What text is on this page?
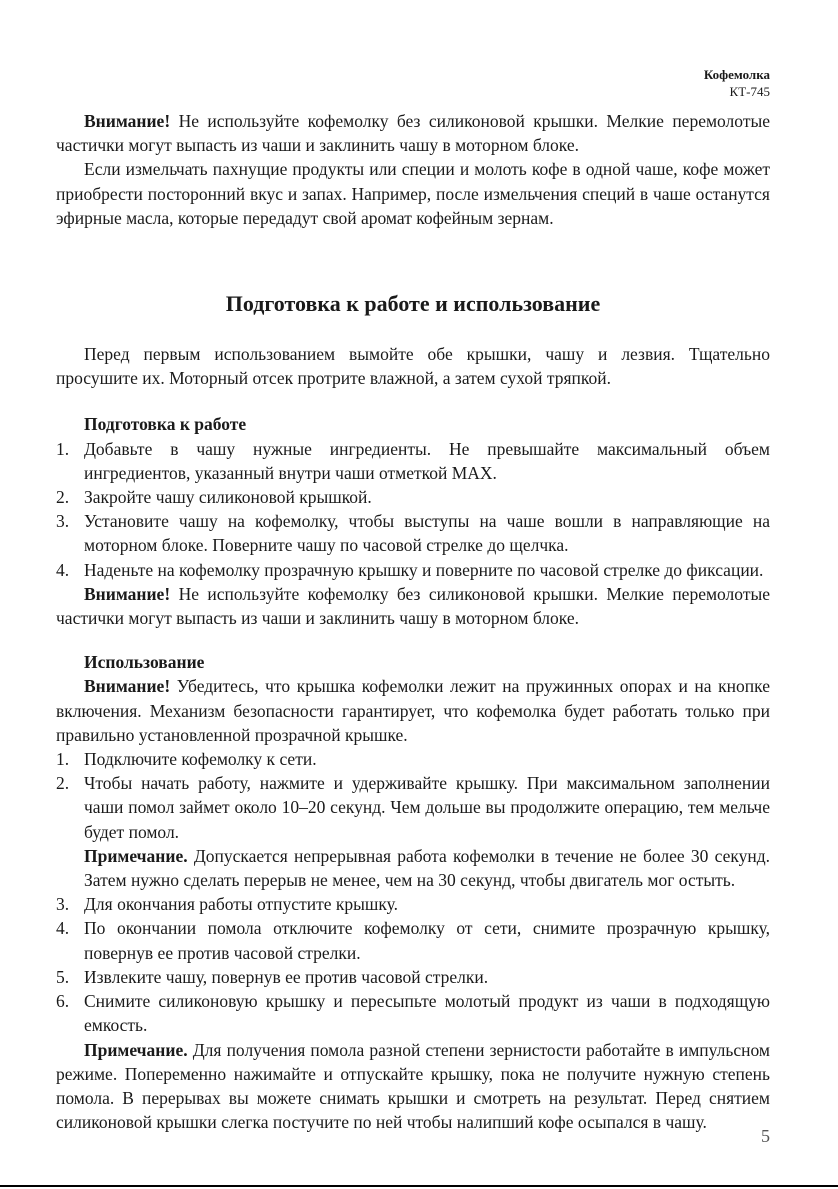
Кофемолка
КТ-745

Внимание! Не используйте кофемолку без силиконовой крышки. Мелкие перемолотые частички могут выпасть из чаши и заклинить чашу в моторном блоке.

Если измельчать пахнущие продукты или специи и молоть кофе в одной чаше, кофе может приобрести посторонний вкус и запах. Например, после измельчения специй в чаше останутся эфирные масла, которые передадут свой аромат кофейным зернам.

Подготовка к работе и использование

Перед первым использованием вымойте обе крышки, чашу и лезвия. Тщательно просушите их. Моторный отсек протрите влажной, а затем сухой тряпкой.

Подготовка к работе
1. Добавьте в чашу нужные ингредиенты. Не превышайте максимальный объем ингредиентов, указанный внутри чаши отметкой MAX.
2. Закройте чашу силиконовой крышкой.
3. Установите чашу на кофемолку, чтобы выступы на чаше вошли в направляющие на моторном блоке. Поверните чашу по часовой стрелке до щелчка.
4. Наденьте на кофемолку прозрачную крышку и поверните по часовой стрелке до фиксации.

Внимание! Не используйте кофемолку без силиконовой крышки. Мелкие перемолотые частички могут выпасть из чаши и заклинить чашу в моторном блоке.

Использование

Внимание! Убедитесь, что крышка кофемолки лежит на пружинных опорах и на кнопке включения. Механизм безопасности гарантирует, что кофемолка будет работать только при правильно установленной прозрачной крышке.

1. Подключите кофемолку к сети.
2. Чтобы начать работу, нажмите и удерживайте крышку. При максимальном заполнении чаши помол займет около 10–20 секунд. Чем дольше вы продолжите операцию, тем мельче будет помол.
Примечание. Допускается непрерывная работа кофемолки в течение не более 30 секунд. Затем нужно сделать перерыв не менее, чем на 30 секунд, чтобы двигатель мог остыть.
3. Для окончания работы отпустите крышку.
4. По окончании помола отключите кофемолку от сети, снимите прозрачную крышку, повернув ее против часовой стрелки.
5. Извлеките чашу, повернув ее против часовой стрелки.
6. Снимите силиконовую крышку и пересыпьте молотый продукт из чаши в подходящую емкость.

Примечание. Для получения помола разной степени зернистости работайте в импульсном режиме. Попеременно нажимайте и отпускайте крышку, пока не получите нужную степень помола. В перерывах вы можете снимать крышки и смотреть на результат. Перед снятием силиконовой крышки слегка постучите по ней чтобы налипший кофе осыпался в чашу.

5
